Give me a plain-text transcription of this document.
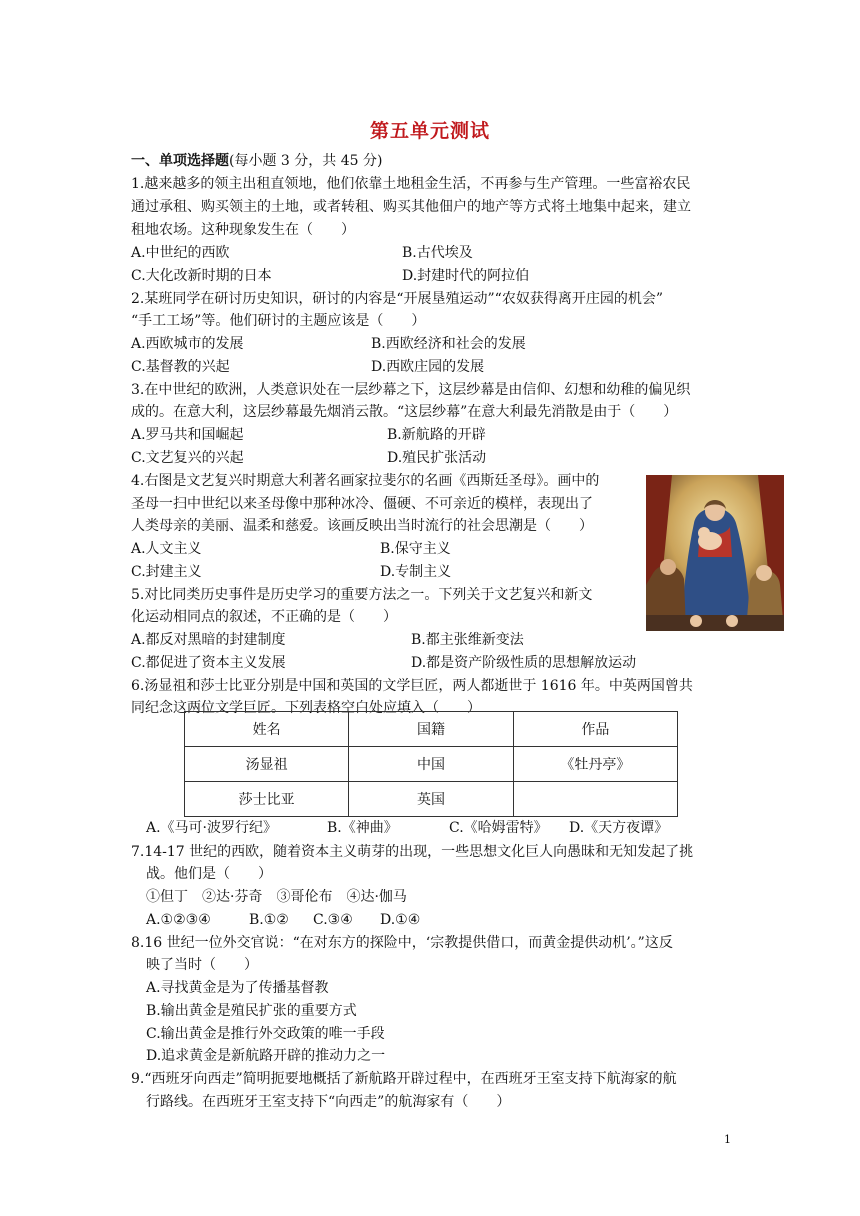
第五单元测试
一、单项选择题(每小题 3 分，共 45 分)
1.越来越多的领主出租直领地，他们依靠土地租金生活，不再参与生产管理。一些富裕农民
通过承租、购买领主的土地，或者转租、购买其他佃户的地产等方式将土地集中起来，建立
租地农场。这种现象发生在（　　）
A.中世纪的西欧	B.古代埃及
C.大化改新时期的日本	D.封建时代的阿拉伯
2.某班同学在研讨历史知识，研讨的内容是“开展垦殖运动”“农奴获得离开庄园的机会”
“手工工场”等。他们研讨的主题应该是（　　）
A.西欧城市的发展	B.西欧经济和社会的发展
C.基督教的兴起	D.西欧庄园的发展
3.在中世纪的欧洲，人类意识处在一层纱幕之下，这层纱幕是由信仰、幻想和幼稚的偏见织
成的。在意大利，这层纱幕最先烟消云散。“这层纱幕”在意大利最先消散是由于（　　）
A.罗马共和国崛起	B.新航路的开辟
C.文艺复兴的兴起	D.殖民扩张活动
4.右图是文艺复兴时期意大利著名画家拉斐尔的名画《西斯廷圣母》。画中的
圣母一扫中世纪以来圣母像中那种冰冷、僵硬、不可亲近的模样，表现出了
人类母亲的美丽、温柔和慈爱。该画反映出当时流行的社会思潮是（　　）
A.人文主义	B.保守主义
C.封建主义	D.专制主义
5.对比同类历史事件是历史学习的重要方法之一。下列关于文艺复兴和新文
化运动相同点的叙述，不正确的是（　　）
A.都反对黑暗的封建制度	B.都主张维新变法
C.都促进了资本主义发展	D.都是资产阶级性质的思想解放运动
6.汤显祖和莎士比亚分别是中国和英国的文学巨匠，两人都逝世于 1616 年。中英两国曾共
同纪念这两位文学巨匠。下列表格空白处应填入（　　）
姓名	国籍	作品
汤显祖	中国	《牡丹亭》
莎士比亚	英国	
A.《马可·波罗行纪》	B.《神曲》	C.《哈姆雷特》 D.《天方夜谭》
7.14-17 世纪的西欧，随着资本主义萌芽的出现，一些思想文化巨人向愚昧和无知发起了挑
战。他们是（　　）
①但丁　②达·芬奇　③哥伦布　④达·伽马
A.①②③④	B.①② C.③④ D.①④
8.16 世纪一位外交官说：“在对东方的探险中，‘宗教提供借口，而黄金提供动机’。”这反
映了当时（　　）
A.寻找黄金是为了传播基督教
B.输出黄金是殖民扩张的重要方式
C.输出黄金是推行外交政策的唯一手段
D.追求黄金是新航路开辟的推动力之一
9.“西班牙向西走”简明扼要地概括了新航路开辟过程中，在西班牙王室支持下航海家的航
行路线。在西班牙王室支持下“向西走”的航海家有（　　）
1
